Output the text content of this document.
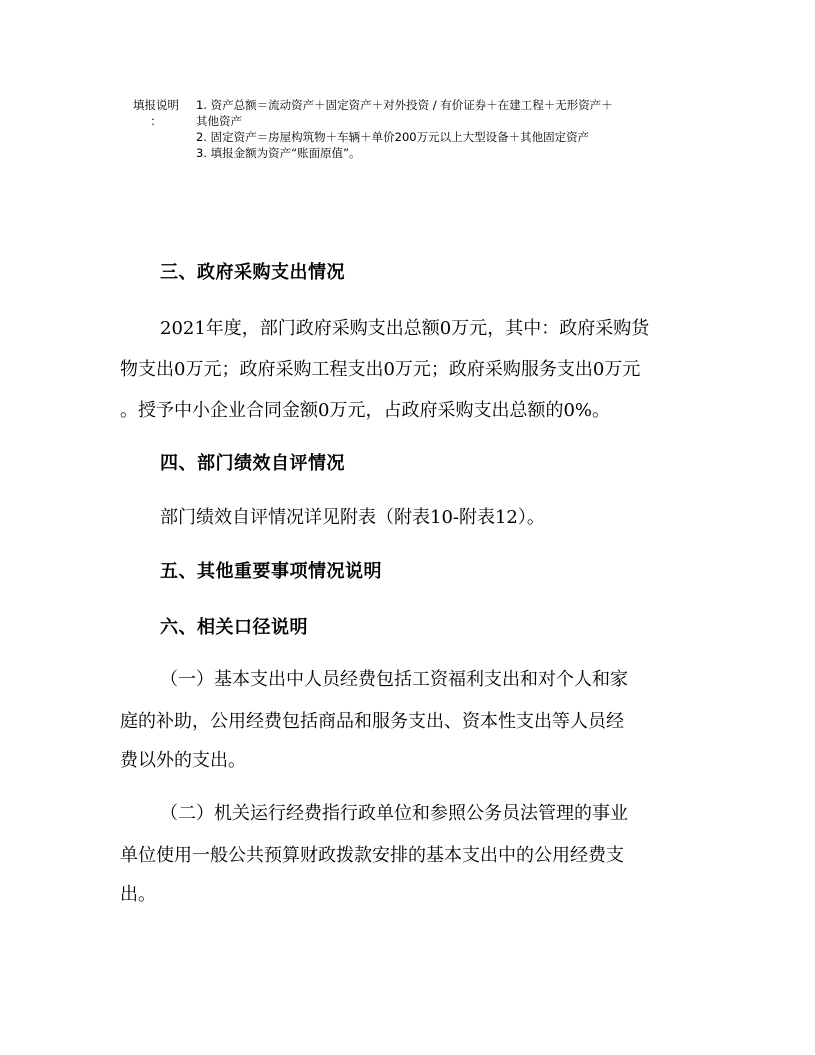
填报说明
：

1. 资产总额＝流动资产＋固定资产＋对外投资 / 有价证券＋在建工程＋无形资产＋

其他资产

2. 固定资产＝房屋构筑物＋车辆＋单价200万元以上大型设备＋其他固定资产

3. 填报金额为资产“账面原值”。

三、政府采购支出情况

2021年度，部门政府采购支出总额0万元，其中：政府采购货

物支出0万元；政府采购工程支出0万元；政府采购服务支出0万元

。授予中小企业合同金额0万元，占政府采购支出总额的0%。

四、部门绩效自评情况

部门绩效自评情况详见附表（附表10-附表12）。

五、其他重要事项情况说明
六、相关口径说明

（一）基本支出中人员经费包括工资福利支出和对个人和家

庭的补助，公用经费包括商品和服务支出、资本性支出等人员经

费以外的支出。

（二）机关运行经费指行政单位和参照公务员法管理的事业

单位使用一般公共预算财政拨款安排的基本支出中的公用经费支

出。
